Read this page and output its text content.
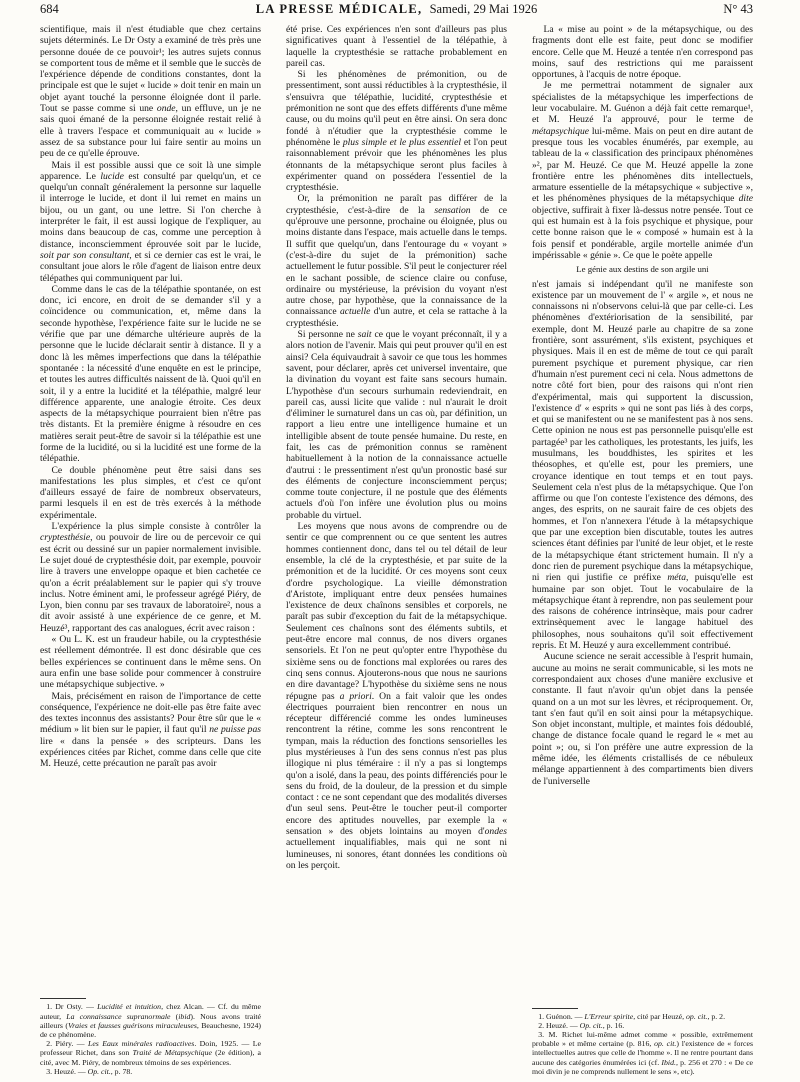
684	LA PRESSE MÉDICALE, Samedi, 29 Mai 1926	N° 43

scientifique, mais il n'est étudiable que chez certains sujets déterminés. Le Dr Osty a examiné de très près une personne douée de ce pouvoir¹; les autres sujets connus se comportent tous de même et il semble que le succès de l'expérience dépende de conditions constantes, dont la principale est que le sujet « lucide » doit tenir en main un objet ayant touché la personne éloignée dont il parle. Tout se passe comme si une onde, un effluve, un je ne sais quoi émané de la personne éloignée restait relié à elle à travers l'espace et communiquait au « lucide » assez de sa substance pour lui faire sentir au moins un peu de ce qu'elle éprouve.

Mais il est possible aussi que ce soit là une simple apparence. Le lucide est consulté par quelqu'un, et ce quelqu'un connaît généralement la personne sur laquelle il interroge le lucide, et dont il lui remet en mains un bijou, ou un gant, ou une lettre. Si l'on cherche à interpréter le fait, il est aussi logique de l'expliquer, au moins dans beaucoup de cas, comme une perception à distance, inconsciemment éprouvée soit par le lucide, soit par son consultant, et si ce dernier cas est le vrai, le consultant joue alors le rôle d'agent de liaison entre deux télépathes qui communiquent par lui.

Comme dans le cas de la télépathie spontanée, on est donc, ici encore, en droit de se demander s'il y a coïncidence ou communication, et, même dans la seconde hypothèse, l'expérience faite sur le lucide ne se vérifie que par une démarche ultérieure auprès de la personne que le lucide déclarait sentir à distance. Il y a donc là les mêmes imperfections que dans la télépathie spontanée : la nécessité d'une enquête en est le principe, et toutes les autres difficultés naissent de là. Quoi qu'il en soit, il y a entre la lucidité et la télépathie, malgré leur différence apparente, une analogie étroite. Ces deux aspects de la métapsychique pourraient bien n'être pas très distants. Et la première énigme à résoudre en ces matières serait peut-être de savoir si la télépathie est une forme de la lucidité, ou si la lucidité est une forme de la télépathie.

Ce double phénomène peut être saisi dans ses manifestations les plus simples, et c'est ce qu'ont d'ailleurs essayé de faire de nombreux observateurs, parmi lesquels il en est de très exercés à la méthode expérimentale.

L'expérience la plus simple consiste à contrôler la cryptesthésie, ou pouvoir de lire ou de percevoir ce qui est écrit ou dessiné sur un papier normalement invisible. Le sujet doué de cryptesthésie doit, par exemple, pouvoir lire à travers une enveloppe opaque et bien cachetée ce qu'on a écrit préalablement sur le papier qui s'y trouve inclus. Notre éminent ami, le professeur agrégé Piéry, de Lyon, bien connu par ses travaux de laboratoire², nous a dit avoir assisté à une expérience de ce genre, et M. Heuzé³, rapportant des cas analogues, écrit avec raison :

« Ou L. K. est un fraudeur habile, ou la cryptesthésie est réellement démontrée. Il est donc désirable que ces belles expériences se continuent dans le même sens. On aura enfin une base solide pour commencer à construire une métapsychique subjective. »

Mais, précisément en raison de l'importance de cette conséquence, l'expérience ne doit-elle pas être faite avec des textes inconnus des assistants? Pour être sûr que le « médium » lit bien sur le papier, il faut qu'il ne puisse pas lire « dans la pensée » des scripteurs. Dans les expériences citées par Richet, comme dans celle que cite M. Heuzé, cette précaution ne paraît pas avoir

1. Dr Osty. — Lucidité et intuition, chez Alcan. — Cf. du même auteur, La connaissance supranormale (ibid). Nous avons traité ailleurs (Vraies et fausses guérisons miraculeuses, Beauchesne, 1924) de ce phénomène.

2. Piéry. — Les Eaux minérales radioactives. Doin, 1925. — Le professeur Richet, dans son Traité de Métapsychique (2e édition), a cité, avec M. Piéry, de nombreux témoins de ses expériences.

3. Heuzé. — Op. cit., p. 78.

été prise. Ces expériences n'en sont d'ailleurs pas plus significatives quant à l'essentiel de la télépathie, à laquelle la cryptesthésie se rattache probablement en pareil cas.

Si les phénomènes de prémonition, ou de pressentiment, sont aussi réductibles à la cryptesthésie, il s'ensuivra que télépathie, lucidité, cryptesthésie et prémonition ne sont que des effets différents d'une même cause, ou du moins qu'il peut en être ainsi. On sera donc fondé à n'étudier que la cryptesthésie comme le phénomène le plus simple et le plus essentiel et l'on peut raisonnablement prévoir que les phénomènes les plus étonnants de la métapsychique seront plus faciles à expérimenter quand on possédera l'essentiel de la cryptesthésie.

Or, la prémonition ne paraît pas différer de la cryptesthésie, c'est-à-dire de la sensation de ce qu'éprouve une personne, prochaine ou éloignée, plus ou moins distante dans l'espace, mais actuelle dans le temps. Il suffit que quelqu'un, dans l'entourage du « voyant » (c'est-à-dire du sujet de la prémonition) sache actuellement le futur possible. S'il peut le conjecturer réel en le sachant possible, de science claire ou confuse, ordinaire ou mystérieuse, la prévision du voyant n'est autre chose, par hypothèse, que la connaissance de la connaissance actuelle d'un autre, et cela se rattache à la cryptesthésie.

Si personne ne sait ce que le voyant préconnaît, il y a alors notion de l'avenir. Mais qui peut prouver qu'il en est ainsi? Cela équivaudrait à savoir ce que tous les hommes savent, pour déclarer, après cet universel inventaire, que la divination du voyant est faite sans secours humain. L'hypothèse d'un secours surhumain redeviendrait, en pareil cas, aussi licite que valide : nul n'aurait le droit d'éliminer le surnaturel dans un cas où, par définition, un rapport a lieu entre une intelligence humaine et un intelligible absent de toute pensée humaine. Du reste, en fait, les cas de prémonition connus se ramènent habituellement à la notion de la connaissance actuelle d'autrui : le pressentiment n'est qu'un pronostic basé sur des éléments de conjecture inconsciemment perçus; comme toute conjecture, il ne postule que des éléments actuels d'où l'on infère une évolution plus ou moins probable du virtuel.

Les moyens que nous avons de comprendre ou de sentir ce que comprennent ou ce que sentent les autres hommes contiennent donc, dans tel ou tel détail de leur ensemble, la clé de la cryptesthésie, et par suite de la prémonition et de la lucidité. Or ces moyens sont ceux d'ordre psychologique. La vieille démonstration d'Aristote, impliquant entre deux pensées humaines l'existence de deux chaînons sensibles et corporels, ne paraît pas subir d'exception du fait de la métapsychique. Seulement ces chaînons sont des éléments subtils, et peut-être encore mal connus, de nos divers organes sensoriels. Et l'on ne peut qu'opter entre l'hypothèse du sixième sens ou de fonctions mal explorées ou rares des cinq sens connus. Ajouterons-nous que nous ne saurions en dire davantage? L'hypothèse du sixième sens ne nous répugne pas a priori. On a fait valoir que les ondes électriques pourraient bien rencontrer en nous un récepteur différencié comme les ondes lumineuses rencontrent la rétine, comme les sons rencontrent le tympan, mais la réduction des fonctions sensorielles les plus mystérieuses à l'un des sens connus n'est pas plus illogique ni plus téméraire : il n'y a pas si longtemps qu'on a isolé, dans la peau, des points différenciés pour le sens du froid, de la douleur, de la pression et du simple contact : ce ne sont cependant que des modalités diverses d'un seul sens. Peut-être le toucher peut-il comporter encore des aptitudes nouvelles, par exemple la « sensation » des objets lointains au moyen d'ondes actuellement inqualifiables, mais qui ne sont ni lumineuses, ni sonores, étant données les conditions où on les perçoit.

La « mise au point » de la métapsychique, ou des fragments dont elle est faite, peut donc se modifier encore. Celle que M. Heuzé a tentée n'en correspond pas moins, sauf des restrictions qui me paraissent opportunes, à l'acquis de notre époque.

Je me permettrai notamment de signaler aux spécialistes de la métapsychique les imperfections de leur vocabulaire. M. Guénon a déjà fait cette remarque¹, et M. Heuzé l'a approuvé, pour le terme de métapsychique lui-même. Mais on peut en dire autant de presque tous les vocables énumérés, par exemple, au tableau de la « classification des principaux phénomènes »², par M. Heuzé. Ce que M. Heuzé appelle la zone frontière entre les phénomènes dits intellectuels, armature essentielle de la métapsychique « subjective », et les phénomènes physiques de la métapsychique dite objective, suffirait à fixer là-dessus notre pensée. Tout ce qui est humain est à la fois psychique et physique, pour cette bonne raison que le « composé » humain est à la fois pensif et pondérable, argile mortelle animée d'un impérissable « génie ». Ce que le poète appelle

Le génie aux destins de son argile uni

n'est jamais si indépendant qu'il ne manifeste son existence par un mouvement de l' « argile », et nous ne connaissons ni n'observons celui-là que par celle-ci. Les phénomènes d'extériorisation de la sensibilité, par exemple, dont M. Heuzé parle au chapitre de sa zone frontière, sont assurément, s'ils existent, psychiques et physiques. Mais il en est de même de tout ce qui paraît purement psychique et purement physique, car rien d'humain n'est purement ceci ni cela. Nous admettons de notre côté fort bien, pour des raisons qui n'ont rien d'expérimental, mais qui supportent la discussion, l'existence d' « esprits » qui ne sont pas liés à des corps, et qui se manifestent ou ne se manifestent pas à nos sens. Cette opinion ne nous est pas personnelle puisqu'elle est partagée³ par les catholiques, les protestants, les juifs, les musulmans, les bouddhistes, les spirites et les théosophes, et qu'elle est, pour les premiers, une croyance identique en tout temps et en tout pays. Seulement cela n'est plus de la métapsychique. Que l'on affirme ou que l'on conteste l'existence des démons, des anges, des esprits, on ne saurait faire de ces objets des hommes, et l'on n'annexera l'étude à la métapsychique que par une exception bien discutable, toutes les autres sciences étant définies par l'unité de leur objet, et le reste de la métapsychique étant strictement humain. Il n'y a donc rien de purement psychique dans la métapsychique, ni rien qui justifie ce préfixe méta, puisqu'elle est humaine par son objet. Tout le vocabulaire de la métapsychique étant à reprendre, non pas seulement pour des raisons de cohérence intrinsèque, mais pour cadrer extrinsèquement avec le langage habituel des philosophes, nous souhaitons qu'il soit effectivement repris. Et M. Heuzé y aura excellemment contribué.

Aucune science ne serait accessible à l'esprit humain, aucune au moins ne serait communicable, si les mots ne correspondaient aux choses d'une manière exclusive et constante. Il faut n'avoir qu'un objet dans la pensée quand on a un mot sur les lèvres, et réciproquement. Or, tant s'en faut qu'il en soit ainsi pour la métapsychique. Son objet inconstant, multiple, et maintes fois dédoublé, change de distance focale quand le regard le « met au point »; ou, si l'on préfère une autre expression de la même idée, les éléments cristallisés de ce nébuleux mélange appartiennent à des compartiments bien divers de l'universelle

1. Guénon. — L'Erreur spirite, cité par Heuzé, op. cit., p. 2.

2. Heuzé. — Op. cit., p. 16.

3. M. Richet lui-même admet comme « possible, extrêmement probable » et même certaine (p. 816, op. cit.) l'existence de « forces intellectuelles autres que celle de l'homme ». Il ne rentre pourtant dans aucune des catégories énumérées ici (cf. Ibid., p. 256 et 270 : « De ce moi divin je ne comprends nullement le sens », etc).
